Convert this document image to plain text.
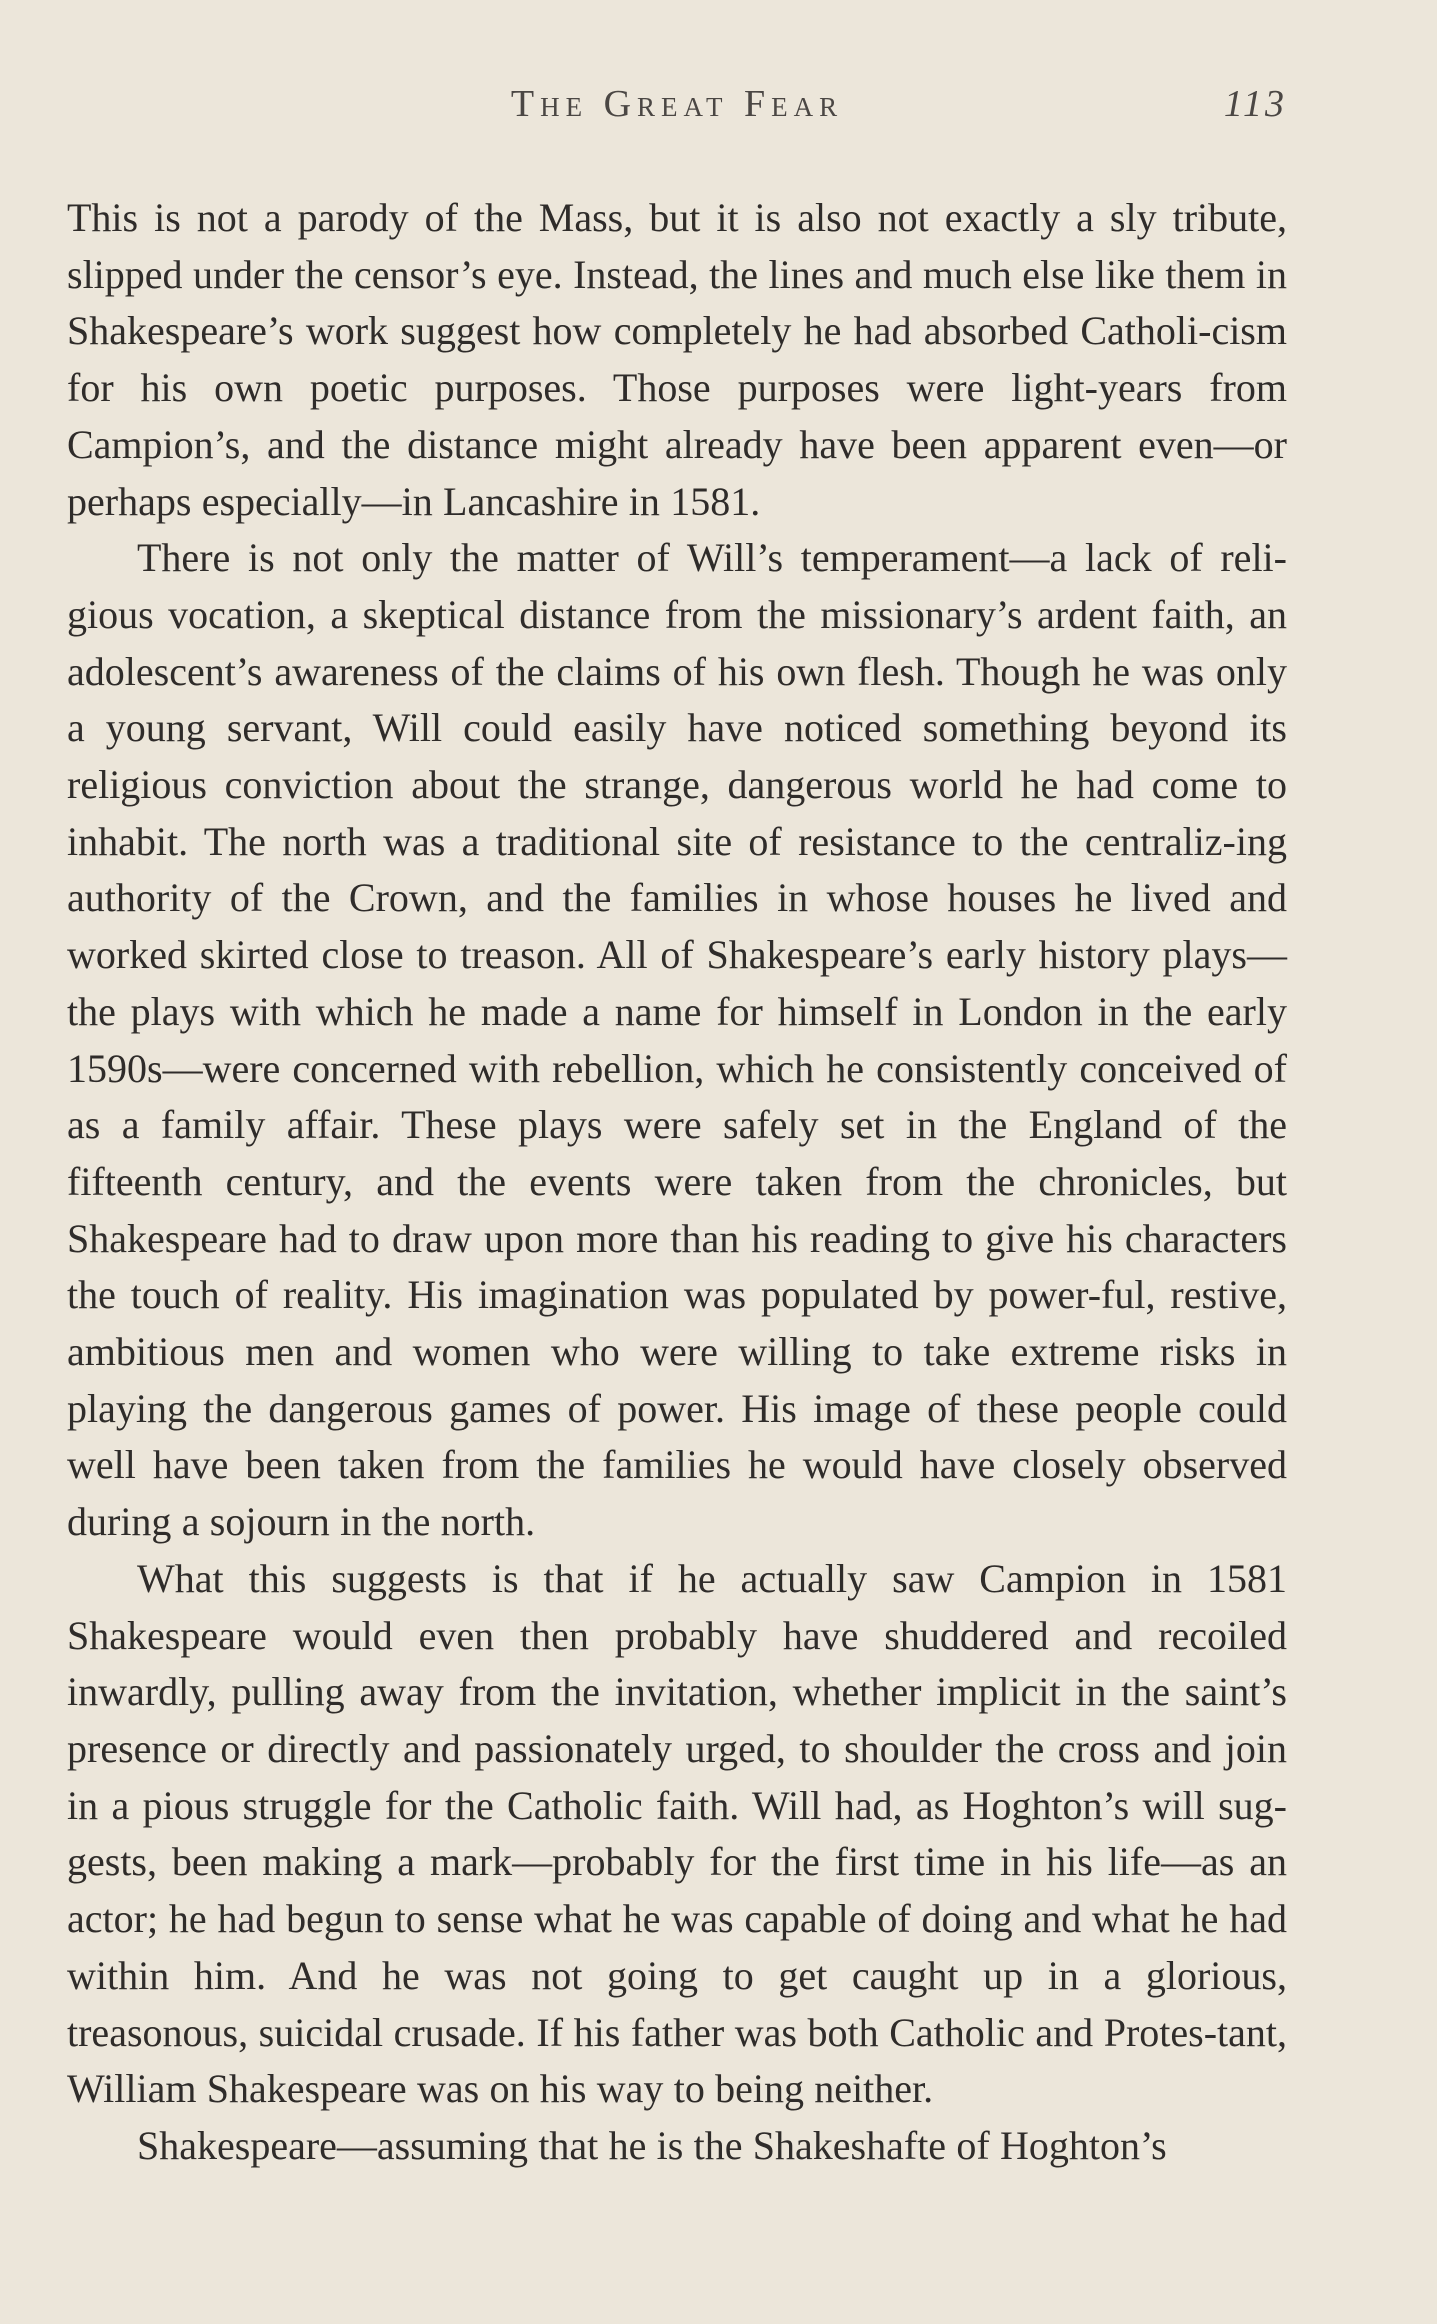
The Great Fear	113

This is not a parody of the Mass, but it is also not exactly a sly tribute, slipped under the censor’s eye. Instead, the lines and much else like them in Shakespeare’s work suggest how completely he had absorbed Catholi-cism for his own poetic purposes. Those purposes were light-years from Campion’s, and the distance might already have been apparent even—or perhaps especially—in Lancashire in 1581.

There is not only the matter of Will’s temperament—a lack of reli-gious vocation, a skeptical distance from the missionary’s ardent faith, an adolescent’s awareness of the claims of his own flesh. Though he was only a young servant, Will could easily have noticed something beyond its religious conviction about the strange, dangerous world he had come to inhabit. The north was a traditional site of resistance to the centraliz-ing authority of the Crown, and the families in whose houses he lived and worked skirted close to treason. All of Shakespeare’s early history plays—the plays with which he made a name for himself in London in the early 1590s—were concerned with rebellion, which he consistently conceived of as a family affair. These plays were safely set in the England of the fifteenth century, and the events were taken from the chronicles, but Shakespeare had to draw upon more than his reading to give his characters the touch of reality. His imagination was populated by power-ful, restive, ambitious men and women who were willing to take extreme risks in playing the dangerous games of power. His image of these people could well have been taken from the families he would have closely observed during a sojourn in the north.

What this suggests is that if he actually saw Campion in 1581 Shakespeare would even then probably have shuddered and recoiled inwardly, pulling away from the invitation, whether implicit in the saint’s presence or directly and passionately urged, to shoulder the cross and join in a pious struggle for the Catholic faith. Will had, as Hoghton’s will sug-gests, been making a mark—probably for the first time in his life—as an actor; he had begun to sense what he was capable of doing and what he had within him. And he was not going to get caught up in a glorious, treasonous, suicidal crusade. If his father was both Catholic and Protes-tant, William Shakespeare was on his way to being neither.

Shakespeare—assuming that he is the Shakeshafte of Hoghton’s
